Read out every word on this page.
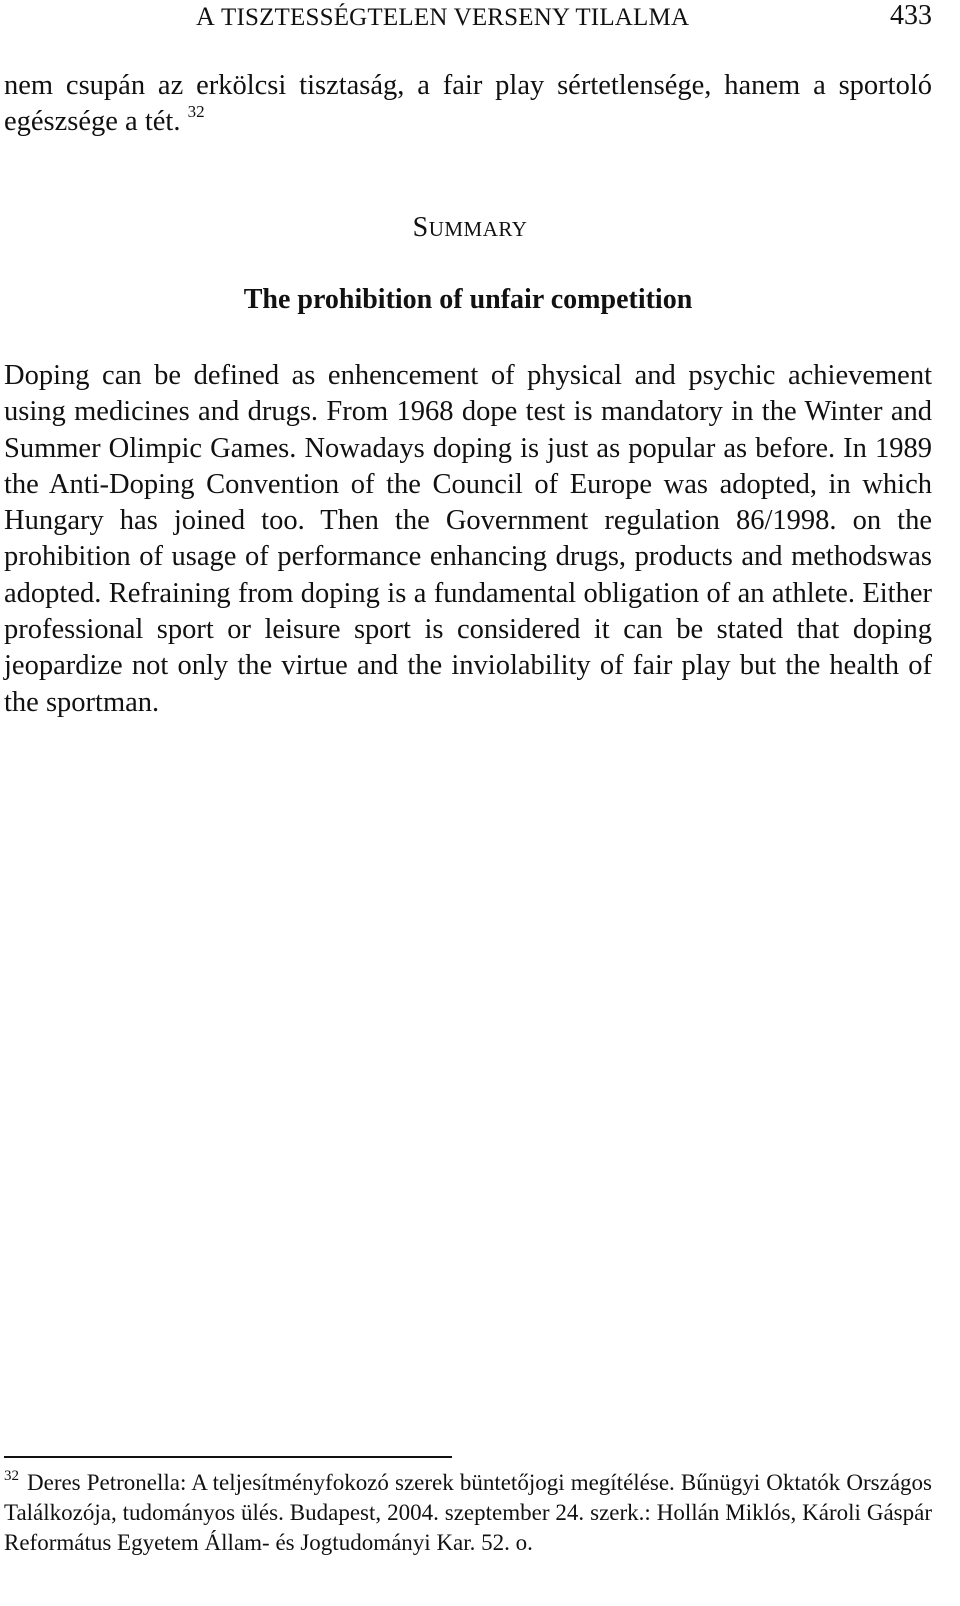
A TISZTESSÉGTELEN VERSENY TILALMA	433

nem csupán az erkölcsi tisztaság, a fair play sértetlensége, hanem a sportoló egészsége a tét. $^{32}$

SUMMARY
The prohibition of unfair competition

Doping can be defined as enhencement of physical and psychic achievement using medicines and drugs. From 1968 dope test is mandatory in the Winter and Summer Olimpic Games. Nowadays doping is just as popular as before. In 1989 the Anti-Doping Convention of the Council of Europe was adopted, in which Hungary has joined too. Then the Government regulation 86/1998. on the prohibition of usage of performance enhancing drugs, products and methodswas adopted. Refraining from doping is a fundamental obligation of an athlete. Either professional sport or leisure sport is considered it can be stated that doping jeopardize not only the virtue and the inviolability of fair play but the health of the sportman.

$^{32}$ Deres Petronella: A teljesítményfokozó szerek büntetőjogi megítélése. Bűnügyi Oktatók Országos Találkozója, tudományos ülés. Budapest, 2004. szeptember 24. szerk.: Hollán Miklós, Károli Gáspár Református Egyetem Állam- és Jogtudományi Kar. 52. o.
